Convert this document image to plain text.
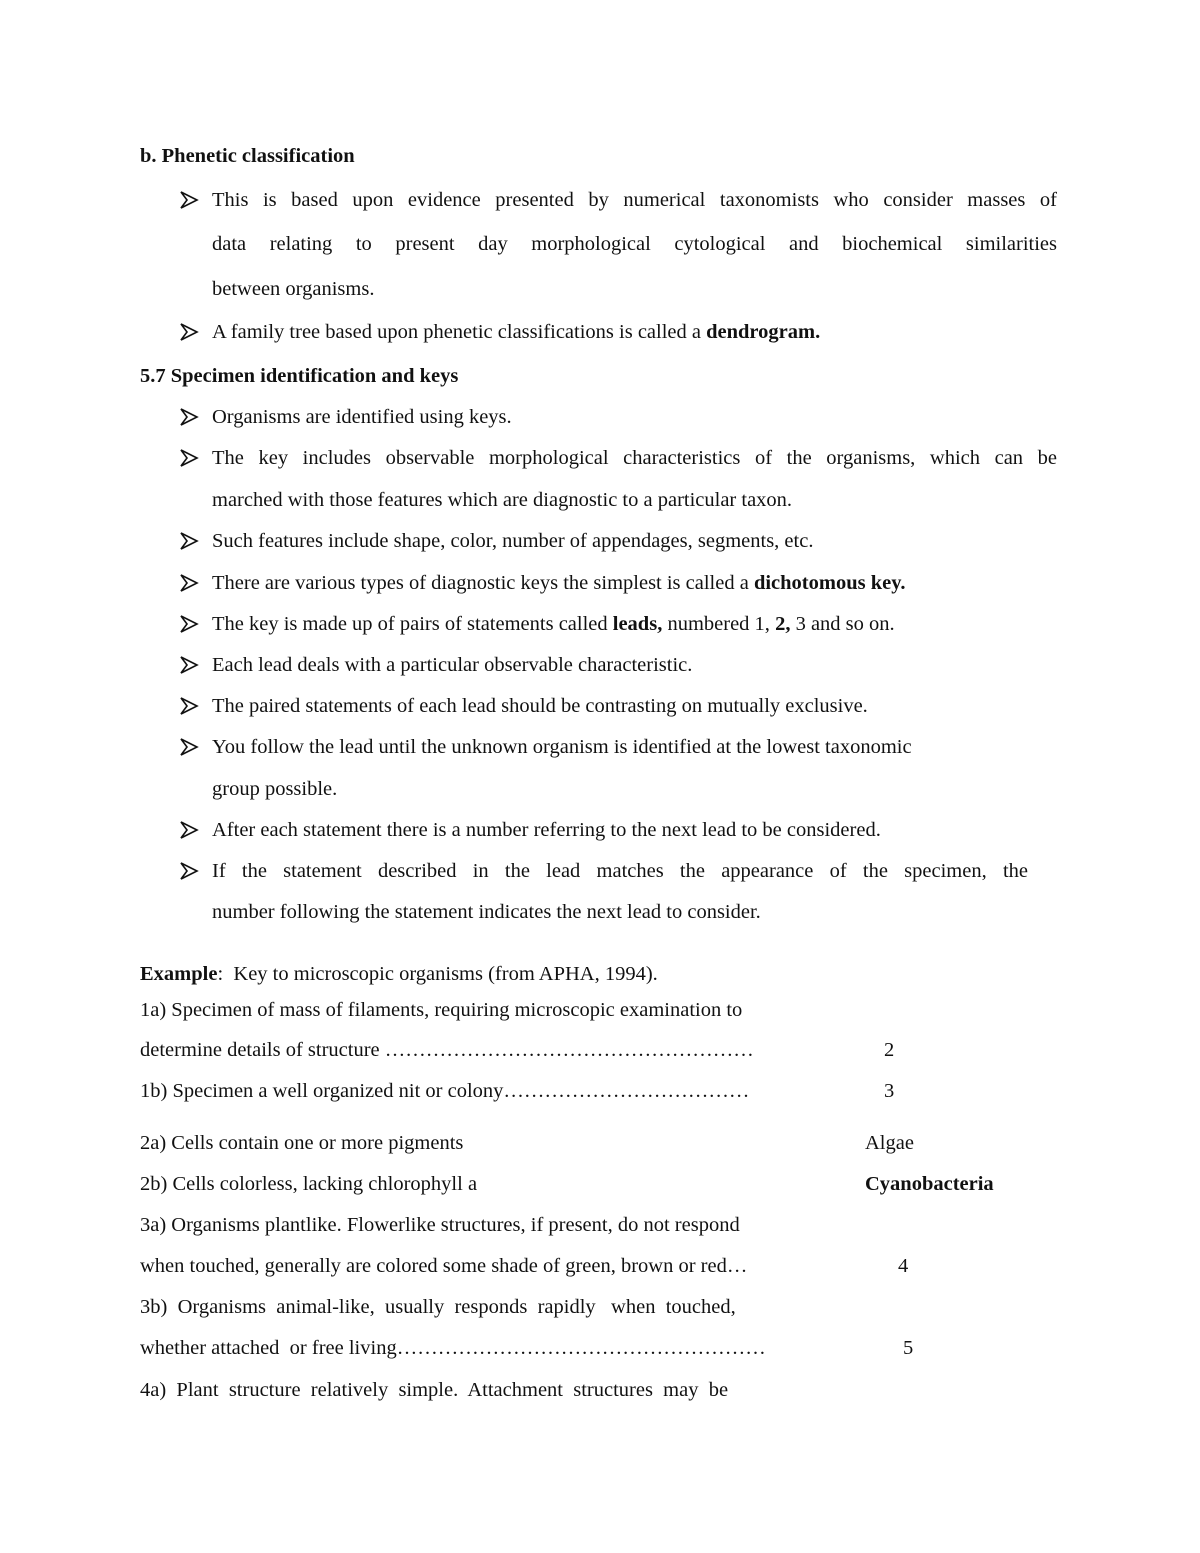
b. Phenetic classification
This is based upon evidence presented by numerical taxonomists who consider masses of
data relating to present day morphological cytological and biochemical similarities
between organisms.
A family tree based upon phenetic classifications is called a dendrogram.
5.7 Specimen identification and keys
Organisms are identified using keys.
The key includes observable morphological characteristics of the organisms, which can be
marched with those features which are diagnostic to a particular taxon.
Such features include shape, color, number of appendages, segments, etc.
There are various types of diagnostic keys the simplest is called a dichotomous key.
The key is made up of pairs of statements called leads, numbered 1, 2, 3 and so on.
Each lead deals with a particular observable characteristic.
The paired statements of each lead should be contrasting on mutually exclusive.
You follow the lead until the unknown organism is identified at the lowest taxonomic
group possible.
After each statement there is a number referring to the next lead to be considered.
If the statement described in the lead matches the appearance of the specimen, the
number following the statement indicates the next lead to consider.
Example:  Key to microscopic organisms (from APHA, 1994).
1a) Specimen of mass of filaments, requiring microscopic examination to
determine details of structure ………………………………………………	2
1b) Specimen a well organized nit or colony………………………………	3
2a) Cells contain one or more pigments	Algae
2b) Cells colorless, lacking chlorophyll a	Cyanobacteria
3a) Organisms plantlike. Flowerlike structures, if present, do not respond
when touched, generally are colored some shade of green, brown or red…	4
3b)  Organisms  animal-like,  usually  responds  rapidly   when  touched,
whether attached  or free living………………………………………………	5
4a)  Plant  structure  relatively  simple.  Attachment  structures  may  be
